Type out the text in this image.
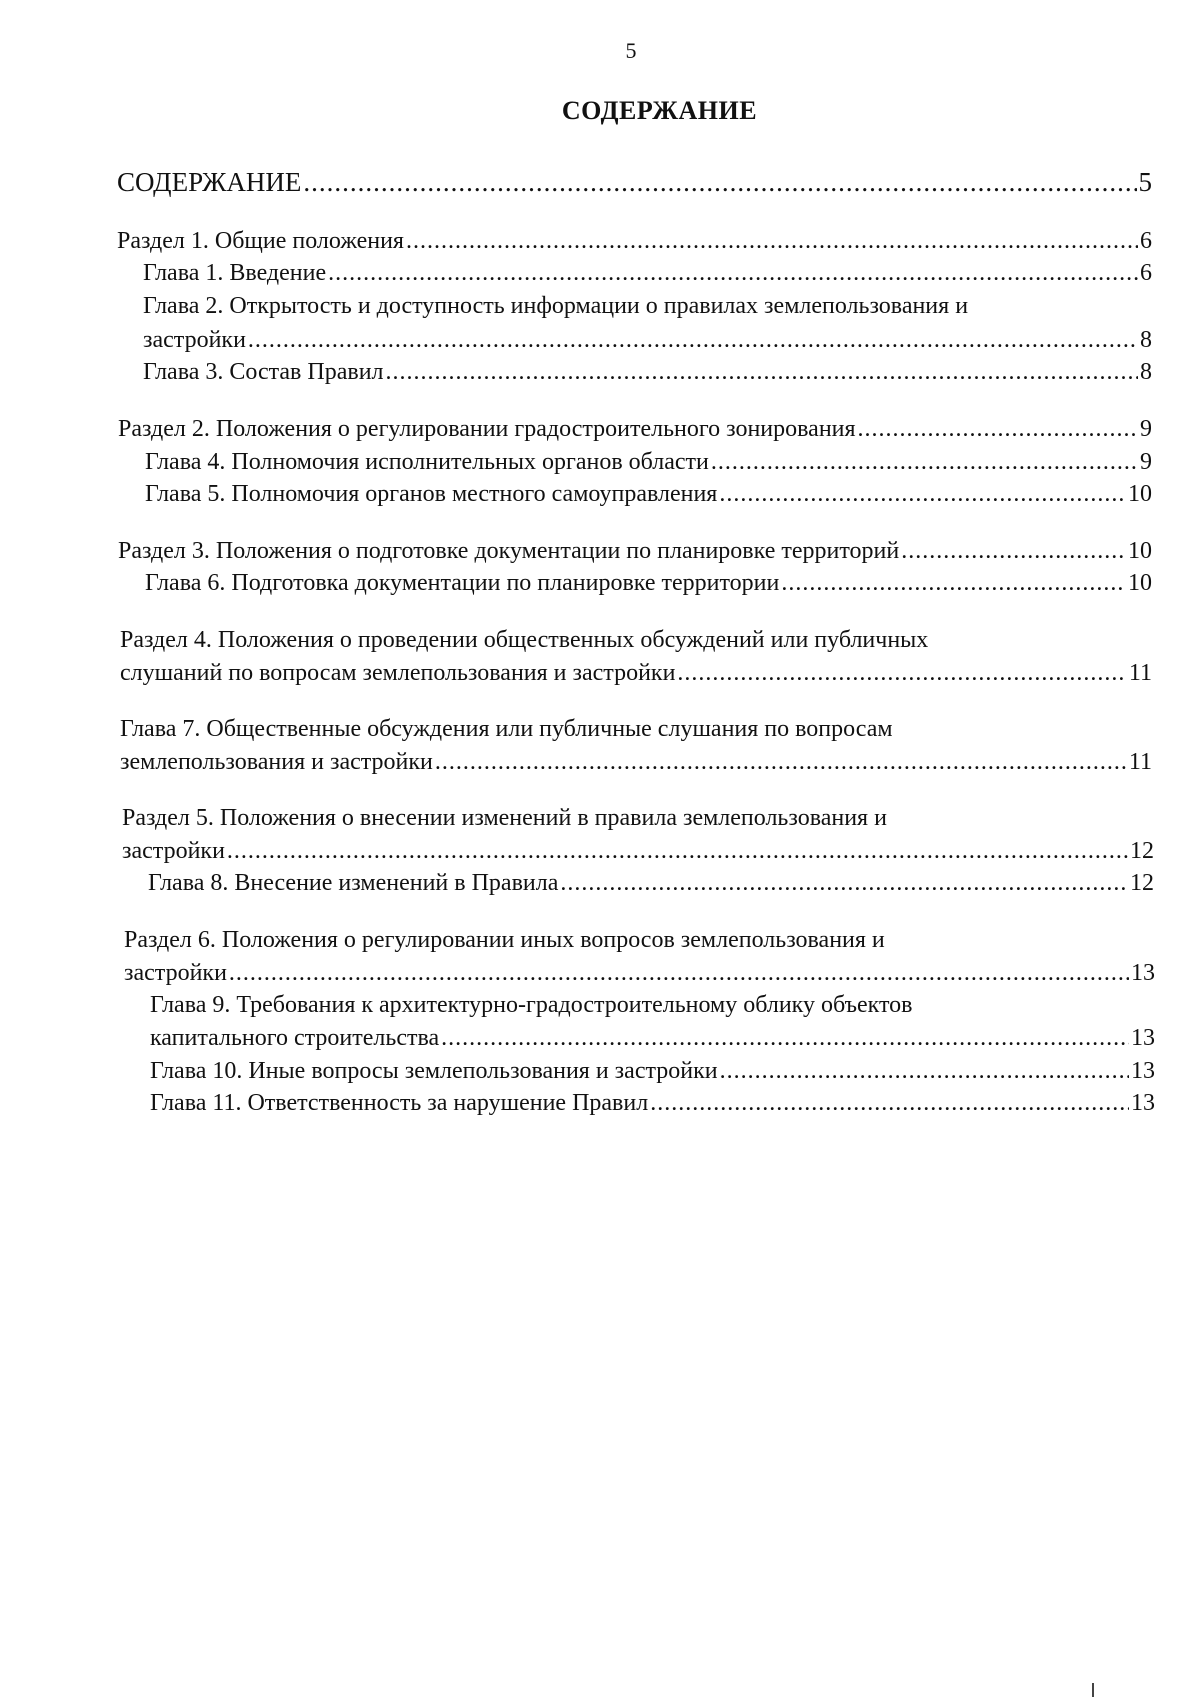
5
СОДЕРЖАНИЕ
СОДЕРЖАНИЕ .....	5
Раздел 1. Общие положения .....	6
Глава 1. Введение .....	6
Глава 2. Открытость и доступность информации о правилах землепользования и
застройки .....	8
Глава 3. Состав Правил .....	8
Раздел 2. Положения о регулировании градостроительного зонирования .....	9
Глава 4. Полномочия исполнительных органов области .....	9
Глава 5. Полномочия органов местного самоуправления .....	10
Раздел 3. Положения о подготовке документации по планировке территорий .....	10
Глава 6. Подготовка документации по планировке территории .....	10
Раздел 4. Положения о проведении общественных обсуждений или публичных
слушаний по вопросам землепользования и застройки .....	11
Глава 7. Общественные обсуждения или публичные слушания по вопросам
землепользования и застройки .....	11
Раздел 5. Положения о внесении изменений в правила землепользования и
застройки .....	12
Глава 8. Внесение изменений в Правила .....	12
Раздел 6. Положения о регулировании иных вопросов землепользования и
застройки .....	13
Глава 9. Требования к архитектурно-градостроительному облику объектов
капитального строительства .....	13
Глава 10. Иные вопросы землепользования и застройки .....	13
Глава 11. Ответственность за нарушение Правил .....	13
